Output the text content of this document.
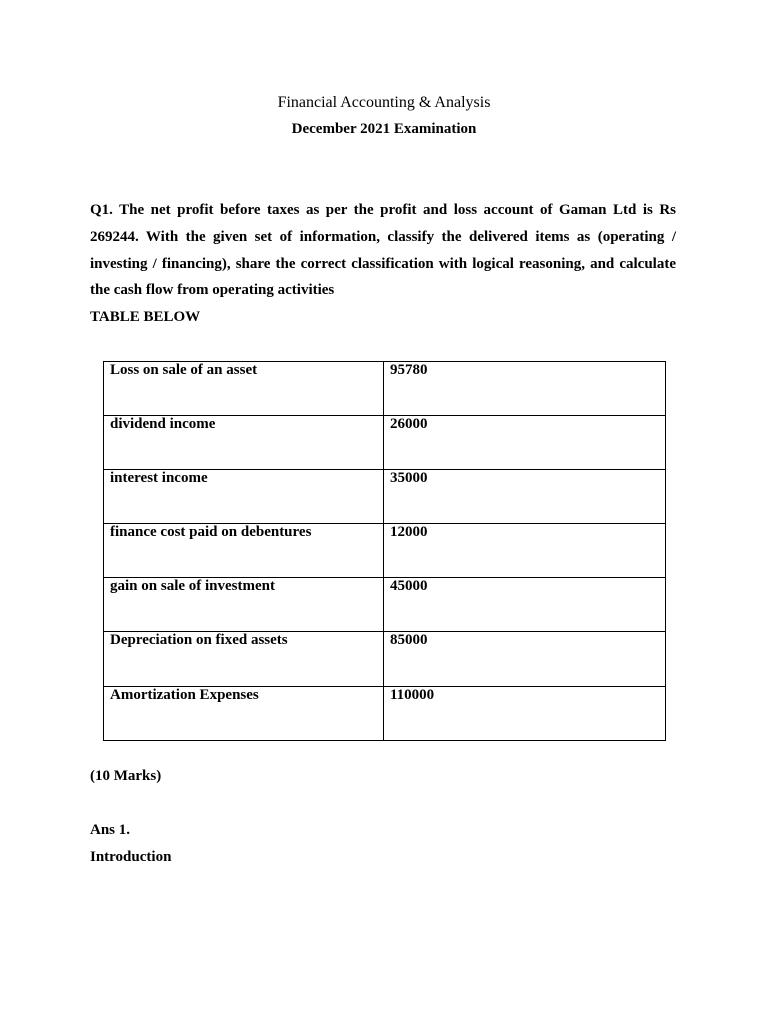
Financial Accounting & Analysis
December 2021 Examination
Q1. The net profit before taxes as per the profit and loss account of Gaman Ltd is Rs
269244. With the given set of information, classify the delivered items as (operating /
investing / financing), share the correct classification with logical reasoning, and calculate
the cash flow from operating activities
TABLE BELOW
Loss on sale of an asset	95780
dividend income	26000
interest income	35000
finance cost paid on debentures	12000
gain on sale of investment	45000
Depreciation on fixed assets	85000
Amortization Expenses	110000
(10 Marks)
Ans 1.
Introduction
